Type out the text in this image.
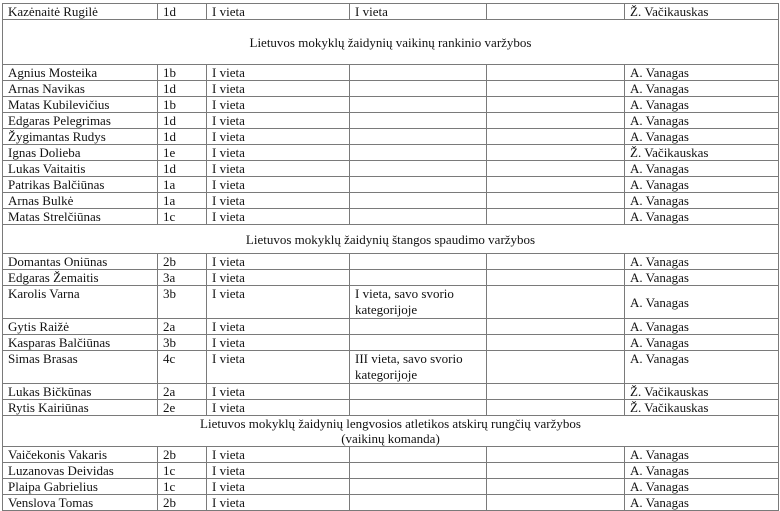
Kazėnaitė Rugilė	1d	I vieta	I vieta		Ž. Vačikauskas

Lietuvos mokyklų žaidynių vaikinų rankinio varžybos					

Agnius Mosteika	1b	I vieta			A. Vanagas
Arnas Navikas	1d	I vieta			A. Vanagas
Matas Kubilevičius	1b	I vieta			A. Vanagas
Edgaras Pelegrimas	1d	I vieta			A. Vanagas
Žygimantas Rudys	1d	I vieta			A. Vanagas
Ignas Dolieba	1e	I vieta			Ž. Vačikauskas
Lukas Vaitaitis	1d	I vieta			A. Vanagas
Patrikas Balčiūnas	1a	I vieta			A. Vanagas
Arnas Bulkė	1a	I vieta			A. Vanagas
Matas Strelčiūnas	1c	I vieta			A. Vanagas

Lietuvos mokyklų žaidynių štangos spaudimo varžybos					

Domantas Oniūnas	2b	I vieta			A. Vanagas
Edgaras Žemaitis	3a	I vieta			A. Vanagas
Karolis Varna	3b	I vieta	I vieta, savo svorio kategorijoje		A. Vanagas
Gytis Raižė	2a	I vieta			A. Vanagas
Kasparas Balčiūnas	3b	I vieta			A. Vanagas
Simas Brasas	4c	I vieta	III vieta, savo svorio kategorijoje		A. Vanagas
Lukas Bičkūnas	2a	I vieta			Ž. Vačikauskas
Rytis Kairiūnas	2e	I vieta			Ž. Vačikauskas

Lietuvos mokyklų žaidynių lengvosios atletikos atskirų rungčių varžybos
(vaikinų komanda)					

Vaičekonis Vakaris	2b	I vieta			A. Vanagas
Luzanovas Deividas	1c	I vieta			A. Vanagas
Plaipa Gabrielius	1c	I vieta			A. Vanagas
Venslova Tomas	2b	I vieta			A. Vanagas
